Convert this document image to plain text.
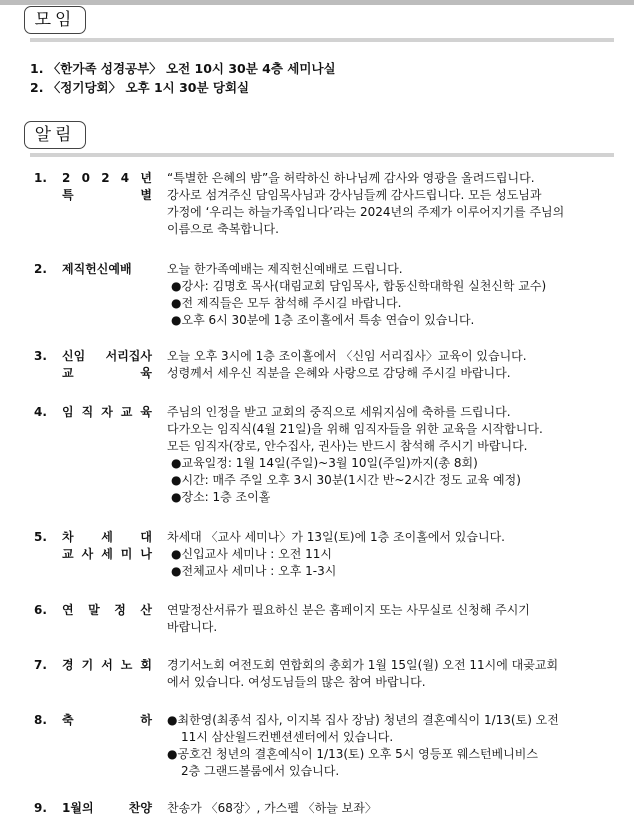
모임
1. 〈한가족 성경공부〉 오전 10시 30분 4층 세미나실
2. 〈정기당회〉 오후 1시 30분 당회실
알림
1. 2 0 2 4 년
특 별
“특별한 은혜의 밤”을 허락하신 하나님께 감사와 영광을 올려드립니다.
강사로 섬겨주신 담임목사님과 강사님들께 감사드립니다. 모든 성도님과
가정에 ‘우리는 하늘가족입니다’라는 2024년의 주제가 이루어지기를 주님의
이름으로 축복합니다.
2. 제직헌신예배	오늘 한가족예배는 제직헌신예배로 드립니다.
●강사: 김명호 목사(대림교회 담임목사, 합동신학대학원 실천신학 교수)
●전 제직들은 모두 참석해 주시길 바랍니다.
●오후 6시 30분에 1층 조이홀에서 특송 연습이 있습니다.
3. 신임 서리집사
교 육
오늘 오후 3시에 1층 조이홀에서 〈신임 서리집사〉교육이 있습니다.
성령께서 세우신 직분을 은혜와 사랑으로 감당해 주시길 바랍니다.
4. 임 직 자 교 육 주님의 인정을 받고 교회의 중직으로 세워지심에 축하를 드립니다.
다가오는 임직식(4월 21일)을 위해 임직자들을 위한 교육을 시작합니다.
모든 임직자(장로, 안수집사, 권사)는 반드시 참석해 주시기 바랍니다.
●교육일정: 1월 14일(주일)~3월 10일(주일)까지(총 8회)
●시간: 매주 주일 오후 3시 30분(1시간 반~2시간 정도 교육 예정)
●장소: 1층 조이홀
5. 차 세 대
교 사 세 미 나
차세대 〈교사 세미나〉가 13일(토)에 1층 조이홀에서 있습니다.
●신입교사 세미나 : 오전 11시
●전체교사 세미나 : 오후 1-3시
6. 연 말 정 산 연말정산서류가 필요하신 분은 홈페이지 또는 사무실로 신청해 주시기
바랍니다.
7. 경 기 서 노 회 경기서노회 여전도회 연합회의 총회가 1월 15일(월) 오전 11시에 대곶교회
에서 있습니다. 여성도님들의 많은 참여 바랍니다.
8. 축 하 ●최한영(최종석 집사, 이지복 집사 장남) 청년의 결혼예식이 1/13(토) 오전
11시 삼산월드컨벤션센터에서 있습니다.
●공호건 청년의 결혼예식이 1/13(토) 오후 5시 영등포 웨스턴베니비스
2층 그랜드볼룸에서 있습니다.
9. 1월의 찬양 찬송가 〈68장〉, 가스펠 〈하늘 보좌〉
